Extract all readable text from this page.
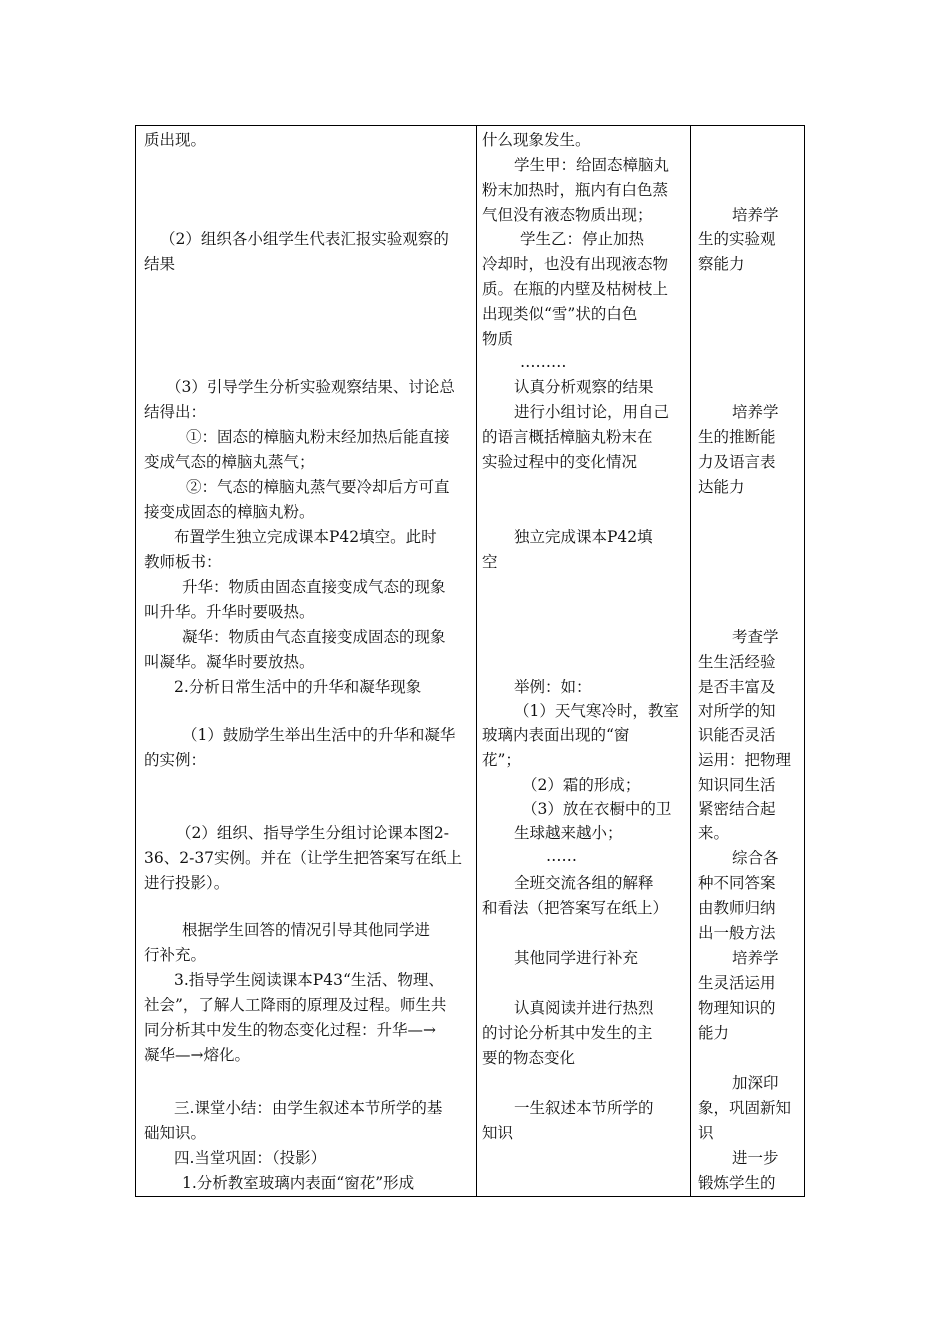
质出现。
（2）组织各小组学生代表汇报实验观察的
结果
（3）引导学生分析实验观察结果、讨论总
结得出：
①：固态的樟脑丸粉末经加热后能直接
变成气态的樟脑丸蒸气；
②：气态的樟脑丸蒸气要冷却后方可直
接变成固态的樟脑丸粉。
布置学生独立完成课本P42填空。此时
教师板书：
升华：物质由固态直接变成气态的现象
叫升华。升华时要吸热。
凝华：物质由气态直接变成固态的现象
叫凝华。凝华时要放热。
2.分析日常生活中的升华和凝华现象
（1）鼓励学生举出生活中的升华和凝华
的实例：
（2）组织、指导学生分组讨论课本图2-
36、2-37实例。并在（让学生把答案写在纸上
进行投影）。
根据学生回答的情况引导其他同学进
行补充。
3.指导学生阅读课本P43“生活、物理、
社会”，了解人工降雨的原理及过程。师生共
同分析其中发生的物态变化过程：升华—→
凝华—→熔化。
三.课堂小结：由学生叙述本节所学的基
础知识。
四.当堂巩固：（投影）
1.分析教室玻璃内表面“窗花”形成
什么现象发生。
学生甲：给固态樟脑丸
粉末加热时，瓶内有白色蒸
气但没有液态物质出现；
学生乙：停止加热
冷却时，也没有出现液态物
质。在瓶的内壁及枯树枝上
出现类似“雪”状的白色
物质
………
认真分析观察的结果
进行小组讨论，用自己
的语言概括樟脑丸粉末在
实验过程中的变化情况
独立完成课本P42填
空
举例：如：
（1）天气寒冷时，教室
玻璃内表面出现的“窗
花”；
（2）霜的形成；
（3）放在衣橱中的卫
生球越来越小；
……
全班交流各组的解释
和看法（把答案写在纸上）
其他同学进行补充
认真阅读并进行热烈
的讨论分析其中发生的主
要的物态变化
一生叙述本节所学的
知识
培养学
生的实验观
察能力
培养学
生的推断能
力及语言表
达能力
考查学
生生活经验
是否丰富及
对所学的知
识能否灵活
运用：把物理
知识同生活
紧密结合起
来。
综合各
种不同答案
由教师归纳
出一般方法
培养学
生灵活运用
物理知识的
能力
加深印
象，巩固新知
识
进一步
锻炼学生的
